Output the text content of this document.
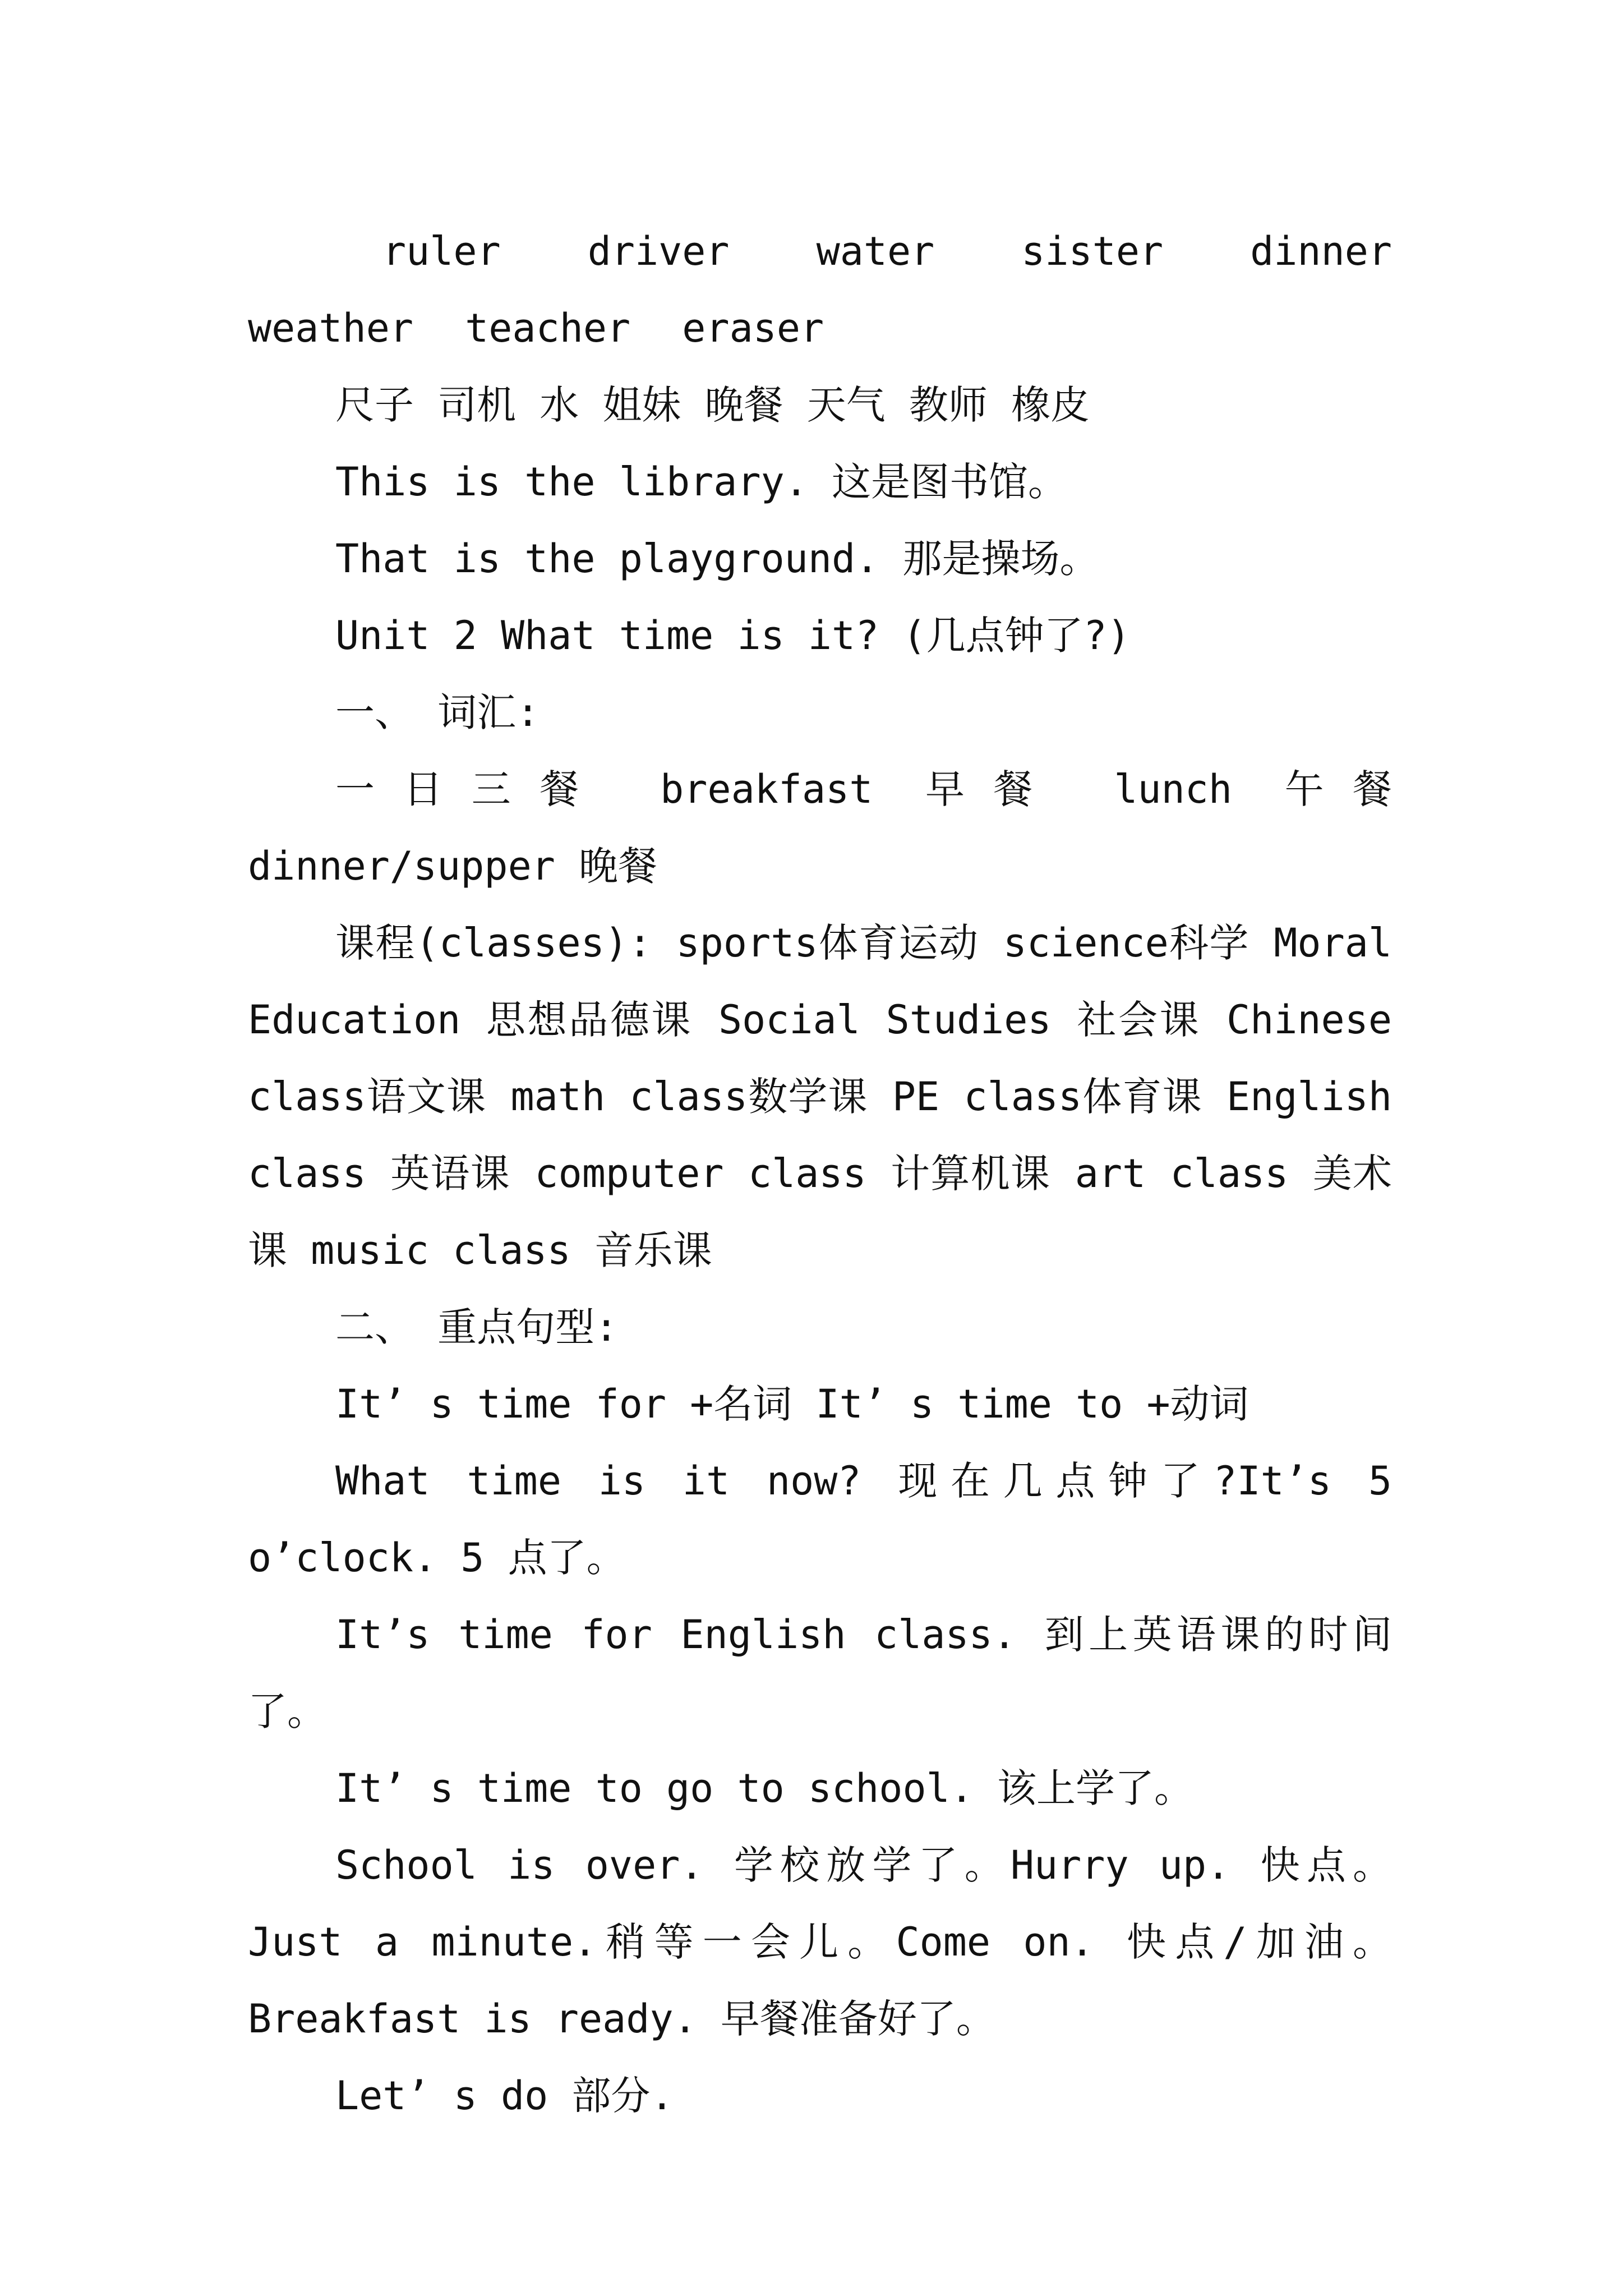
ruler driver water sister dinner weather teacher eraser

尺子 司机 水 姐妹 晚餐 天气 教师 橡皮

This is the library. 这是图书馆。

That is the playground. 那是操场。

Unit 2 What time is it? (几点钟了?)

一、 词汇:

一日三餐 breakfast 早餐 lunch 午餐 dinner/supper 晚餐

课程(classes): sports体育运动 science科学 Moral Education 思想品德课 Social Studies 社会课 Chinese class语文课 math class数学课 PE class体育课 English class 英语课 computer class 计算机课 art class 美术课 music class 音乐课

二、 重点句型:

It’ s time for +名词 It’ s time to +动词

What time is it now? 现在几点钟了?It’s 5 o’clock. 5 点了。

It’s time for English class. 到上英语课的时间了。

It’ s time to go to school. 该上学了。

School is over. 学校放学了。Hurry up. 快点。 Just a minute.稍等一会儿。Come on. 快点/加油。Breakfast is ready. 早餐准备好了。

Let’ s do 部分.
